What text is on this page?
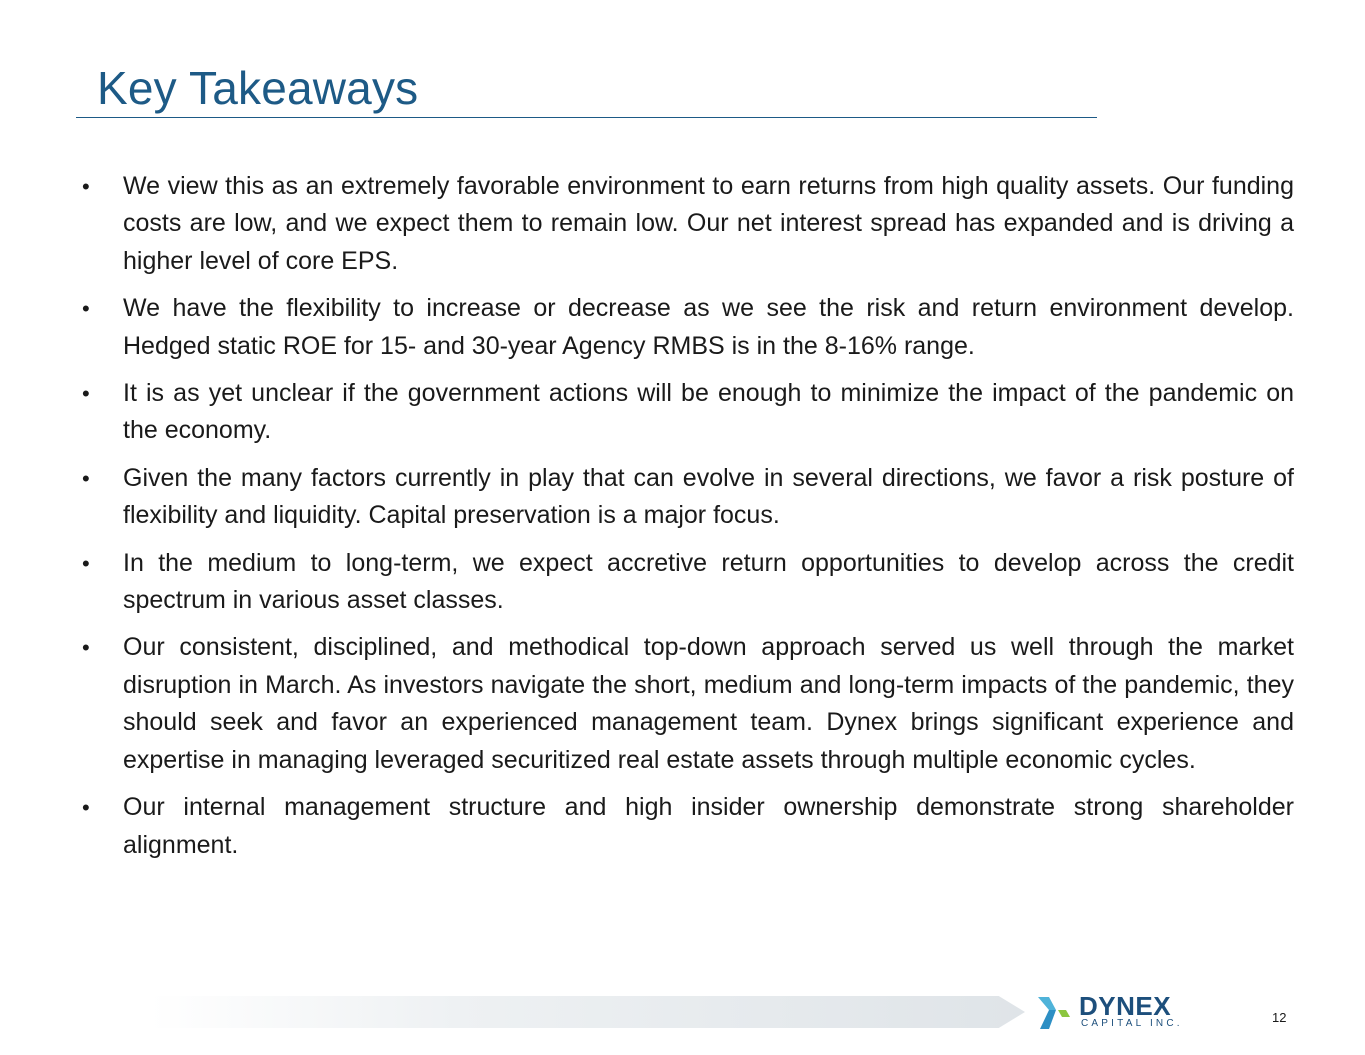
Key Takeaways
• We view this as an extremely favorable environment to earn returns from high quality assets. Our funding costs are low, and we expect them to remain low. Our net interest spread has expanded and is driving a higher level of core EPS.
• We have the flexibility to increase or decrease as we see the risk and return environment develop. Hedged static ROE for 15- and 30-year Agency RMBS is in the 8-16% range.
• It is as yet unclear if the government actions will be enough to minimize the impact of the pandemic on the economy.
• Given the many factors currently in play that can evolve in several directions, we favor a risk posture of flexibility and liquidity. Capital preservation is a major focus.
• In the medium to long-term, we expect accretive return opportunities to develop across the credit spectrum in various asset classes.
• Our consistent, disciplined, and methodical top-down approach served us well through the market disruption in March. As investors navigate the short, medium and long-term impacts of the pandemic, they should seek and favor an experienced management team. Dynex brings significant experience and expertise in managing leveraged securitized real estate assets through multiple economic cycles.
• Our internal management structure and high insider ownership demonstrate strong shareholder alignment.
DYNEX
CAPITAL INC.	12
